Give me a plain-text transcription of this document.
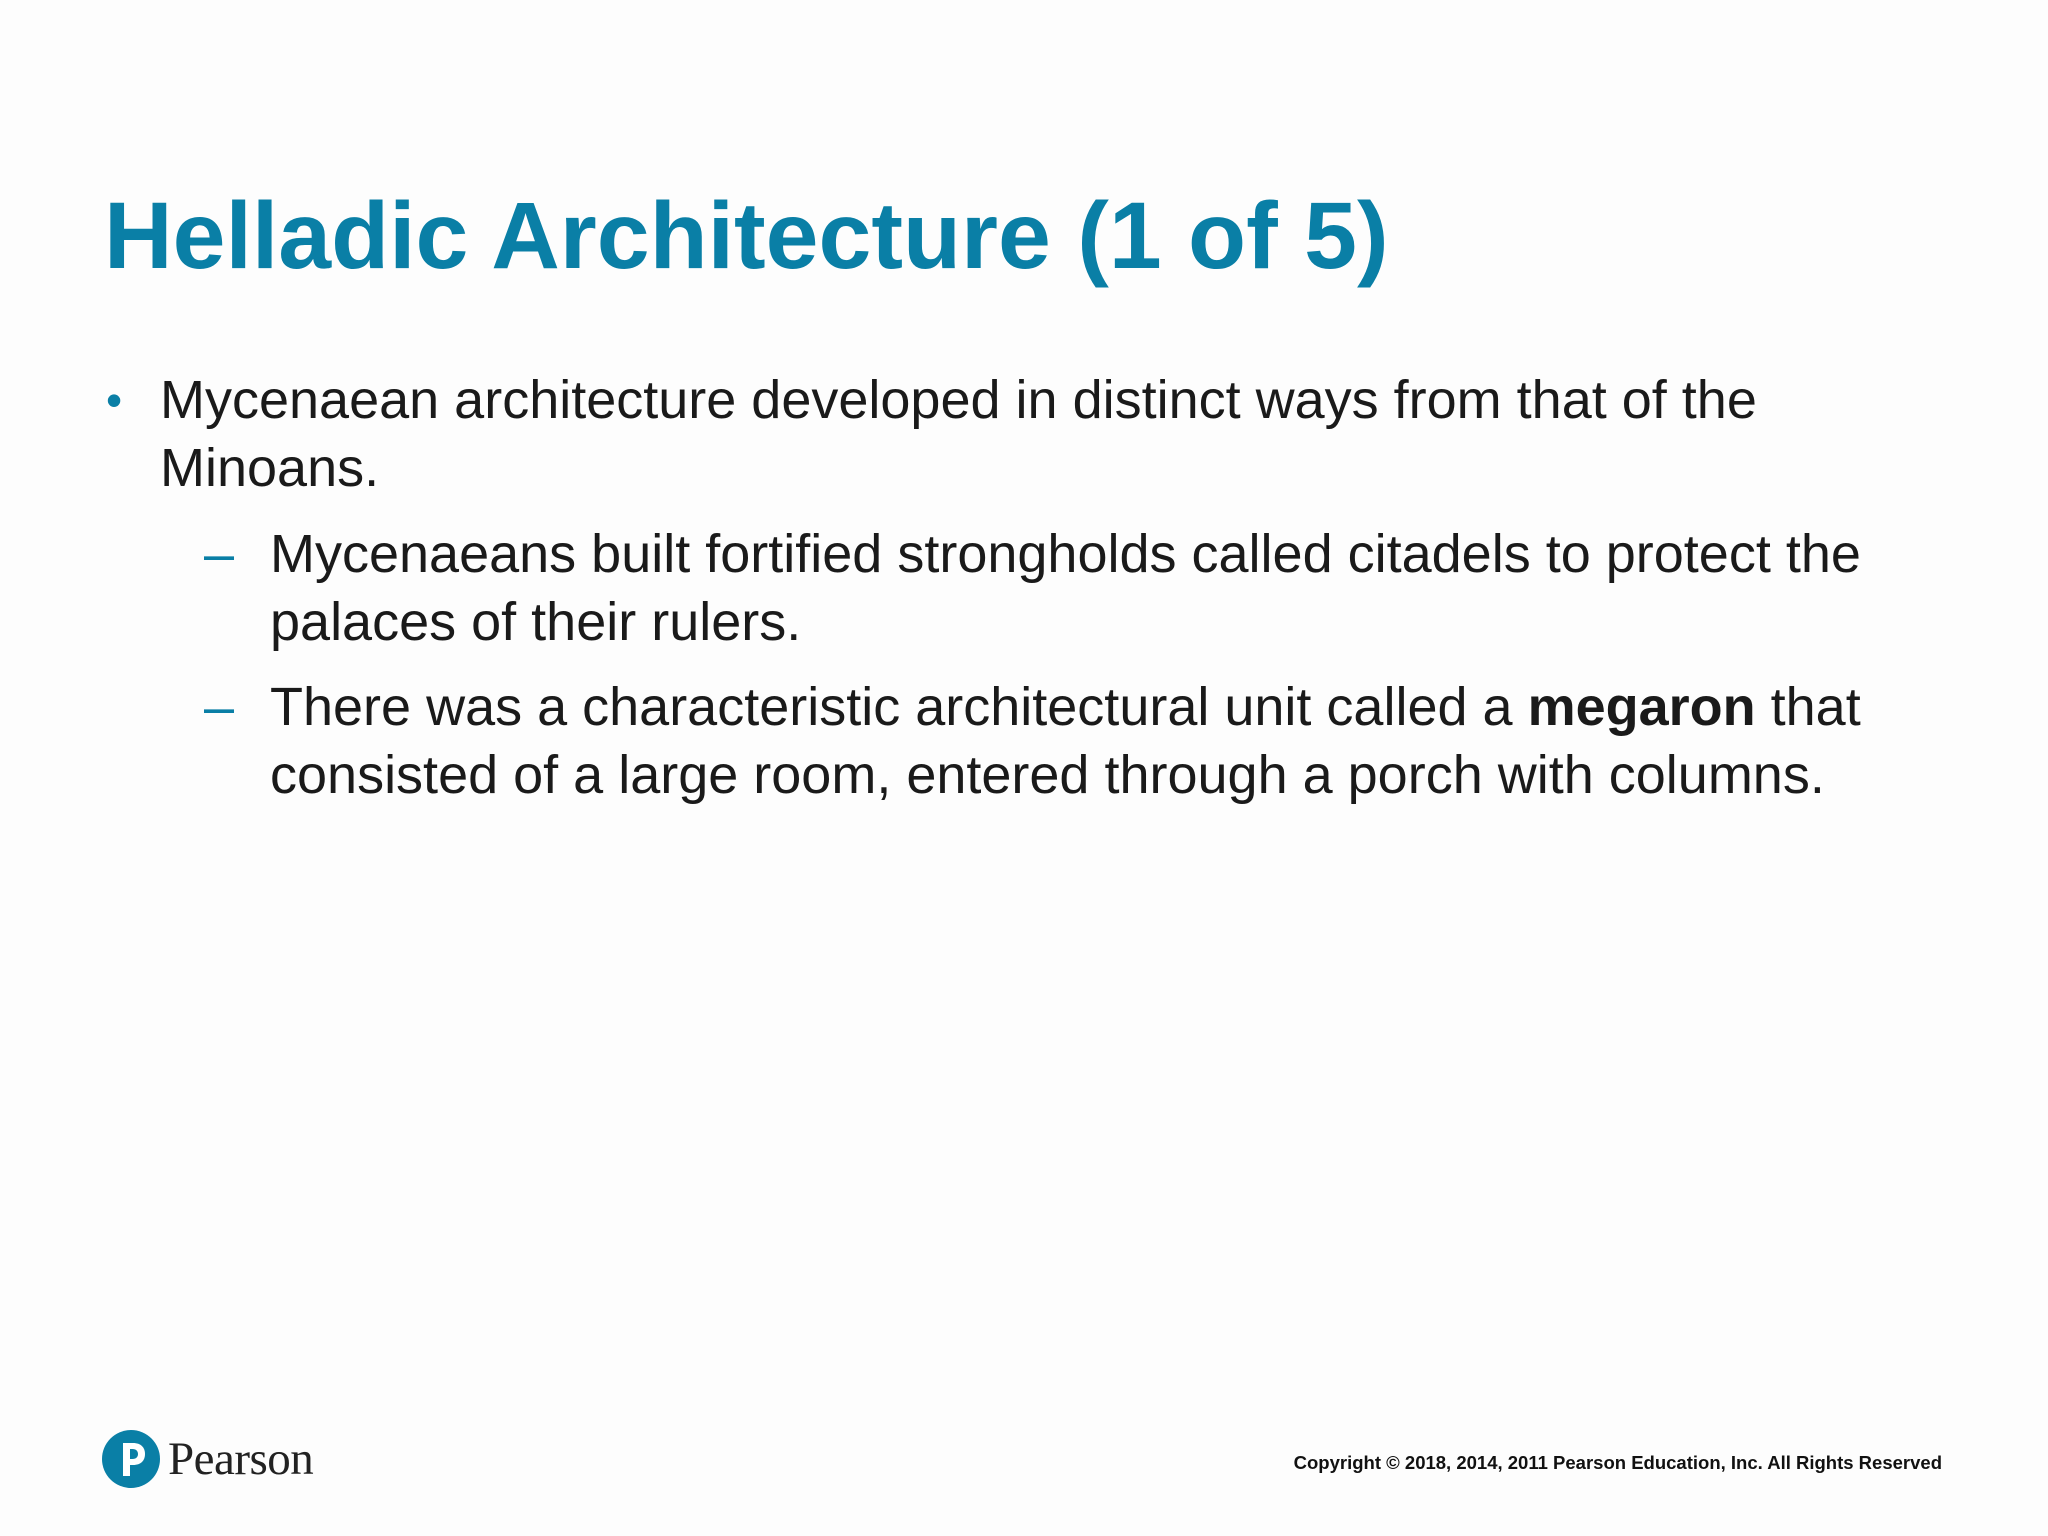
Helladic Architecture (1 of 5)
• Mycenaean architecture developed in distinct ways from that of the Minoans.
– Mycenaeans built fortified strongholds called citadels to protect the palaces of their rulers.
– There was a characteristic architectural unit called a megaron that consisted of a large room, entered through a porch with columns.
Pearson	Copyright © 2018, 2014, 2011 Pearson Education, Inc. All Rights Reserved
